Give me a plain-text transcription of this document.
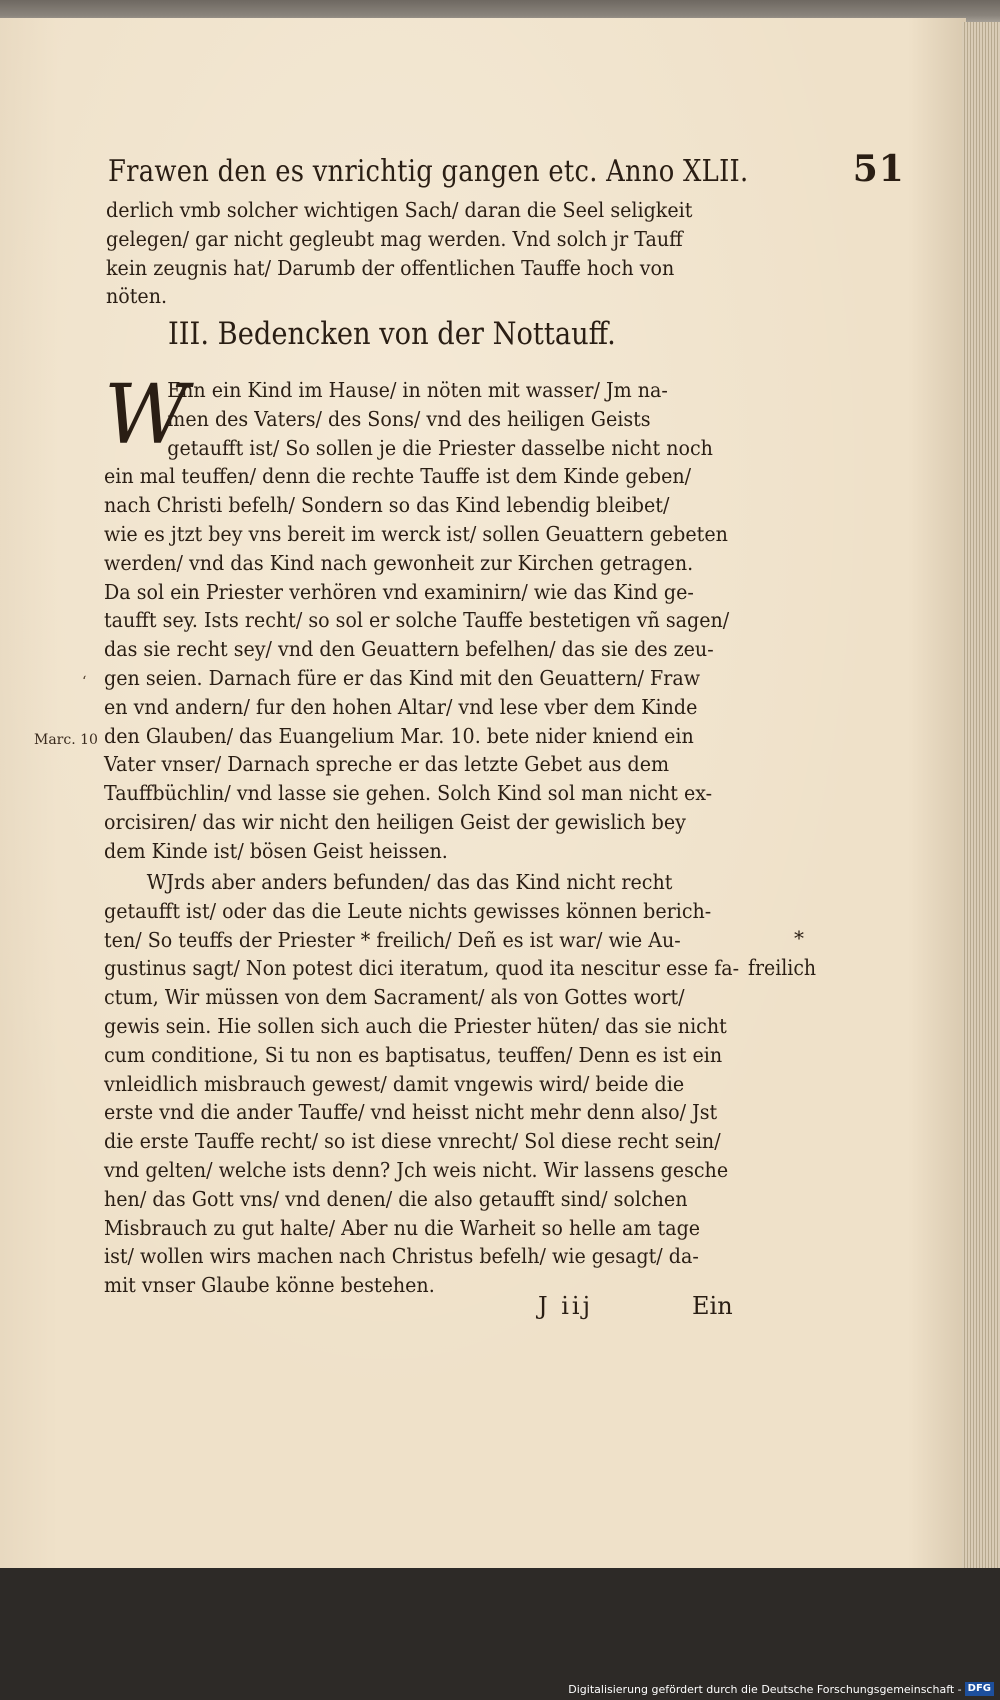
Frawen den es vnrichtig gangen etc. Anno XLII.	51

derlich vmb solcher wichtigen Sach/ daran die Seel seligkeit

gelegen/ gar nicht gegleubt mag werden. Vnd solch jr Tauff

kein zeugnis hat/ Darumb der offentlichen Tauffe hoch von

nöten.

III. Bedencken von der Nottauff.
W

Enn ein Kind im Hause/ in nöten mit wasser/ Jm na-

men des Vaters/ des Sons/ vnd des heiligen Geists

getaufft ist/ So sollen je die Priester dasselbe nicht noch

ein mal teuffen/ denn die rechte Tauffe ist dem Kinde geben/

nach Christi befelh/ Sondern so das Kind lebendig bleibet/

wie es jtzt bey vns bereit im werck ist/ sollen Geuattern gebeten

werden/ vnd das Kind nach gewonheit zur Kirchen getragen.

Da sol ein Priester verhören vnd examinirn/ wie das Kind ge-

taufft sey. Ists recht/ so sol er solche Tauffe bestetigen vñ sagen/

das sie recht sey/ vnd den Geuattern befelhen/ das sie des zeu-

gen seien. Darnach füre er das Kind mit den Geuattern/ Fraw

en vnd andern/ fur den hohen Altar/ vnd lese vber dem Kinde

den Glauben/ das Euangelium Mar. 10. bete nider kniend ein

Vater vnser/ Darnach spreche er das letzte Gebet aus dem

Tauffbüchlin/ vnd lasse sie gehen. Solch Kind sol man nicht ex-

orcisiren/ das wir nicht den heiligen Geist der gewislich bey

dem Kinde ist/ bösen Geist heissen.

‘
Marc. 10

WJrds aber anders befunden/ das das Kind nicht recht

getaufft ist/ oder das die Leute nichts gewisses können berich-

ten/ So teuffs der Priester * freilich/ Deñ es ist war/ wie Au-

gustinus sagt/ Non potest dici iteratum, quod ita nescitur esse fa-

ctum, Wir müssen von dem Sacrament/ als von Gottes wort/

gewis sein. Hie sollen sich auch die Priester hüten/ das sie nicht

cum conditione, Si tu non es baptisatus, teuffen/ Denn es ist ein

vnleidlich misbrauch gewest/ damit vngewis wird/ beide die

erste vnd die ander Tauffe/ vnd heisst nicht mehr denn also/ Jst

die erste Tauffe recht/ so ist diese vnrecht/ Sol diese recht sein/

vnd gelten/ welche ists denn? Jch weis nicht. Wir lassens gesche

hen/ das Gott vns/ vnd denen/ die also getaufft sind/ solchen

Misbrauch zu gut halte/ Aber nu die Warheit so helle am tage

ist/ wollen wirs machen nach Christus befelh/ wie gesagt/ da-

mit vnser Glaube könne bestehen.

*
freilich
J iij	Ein
Digitalisierung gefördert durch die Deutsche Forschungsgemeinschaft - DFG
